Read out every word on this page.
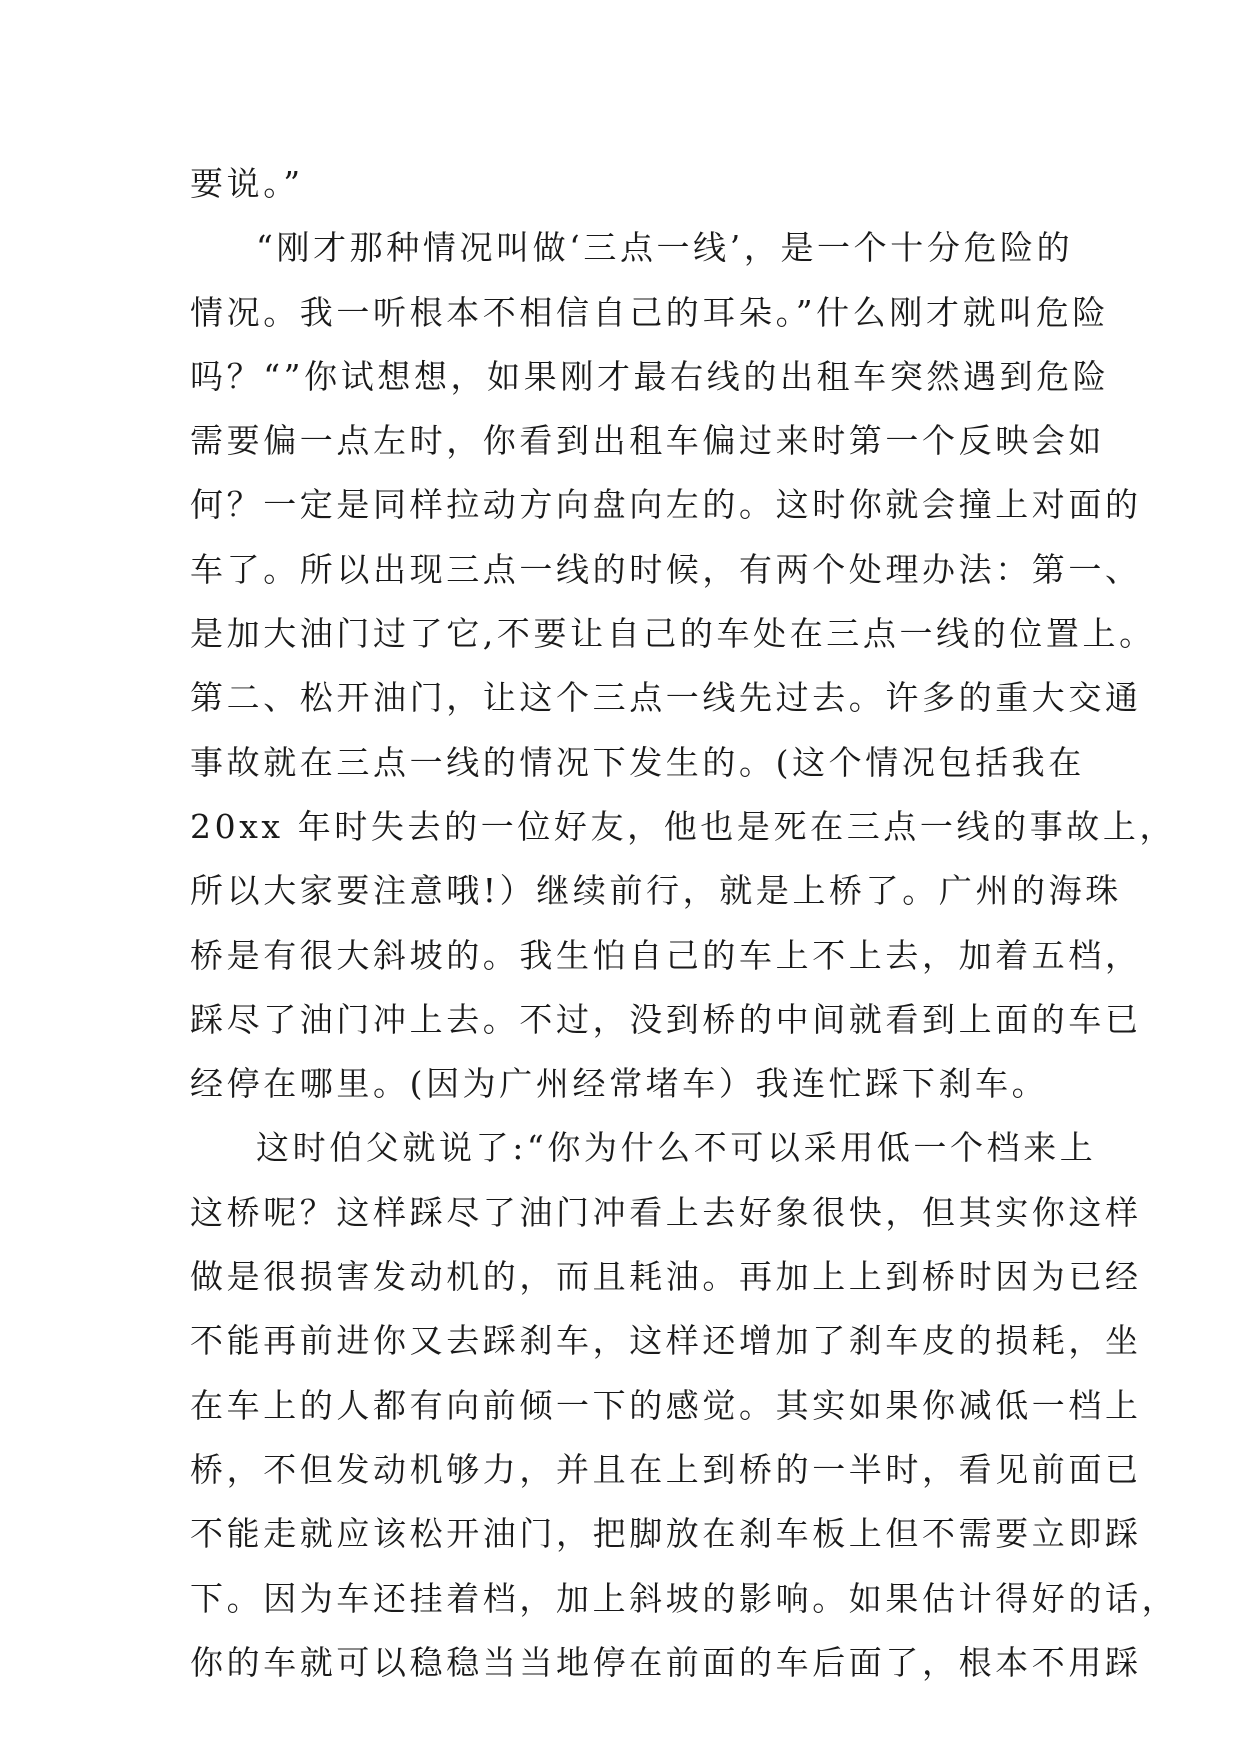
要说。”
“刚才那种情况叫做‘三点一线’，是一个十分危险的
情况。我一听根本不相信自己的耳朵。”什么刚才就叫危险
吗？“”你试想想，如果刚才最右线的出租车突然遇到危险
需要偏一点左时，你看到出租车偏过来时第一个反映会如
何？一定是同样拉动方向盘向左的。这时你就会撞上对面的
车了。所以出现三点一线的时候，有两个处理办法：第一、
是加大油门过了它,不要让自己的车处在三点一线的位置上。
第二、松开油门，让这个三点一线先过去。许多的重大交通
事故就在三点一线的情况下发生的。(这个情况包括我在
20xx 年时失去的一位好友，他也是死在三点一线的事故上，
所以大家要注意哦!）继续前行，就是上桥了。广州的海珠
桥是有很大斜坡的。我生怕自己的车上不上去，加着五档，
踩尽了油门冲上去。不过，没到桥的中间就看到上面的车已
经停在哪里。(因为广州经常堵车）我连忙踩下刹车。
这时伯父就说了:“你为什么不可以采用低一个档来上
这桥呢？这样踩尽了油门冲看上去好象很快，但其实你这样
做是很损害发动机的，而且耗油。再加上上到桥时因为已经
不能再前进你又去踩刹车，这样还增加了刹车皮的损耗，坐
在车上的人都有向前倾一下的感觉。其实如果你减低一档上
桥，不但发动机够力，并且在上到桥的一半时，看见前面已
不能走就应该松开油门，把脚放在刹车板上但不需要立即踩
下。因为车还挂着档，加上斜坡的影响。如果估计得好的话，
你的车就可以稳稳当当地停在前面的车后面了，根本不用踩
